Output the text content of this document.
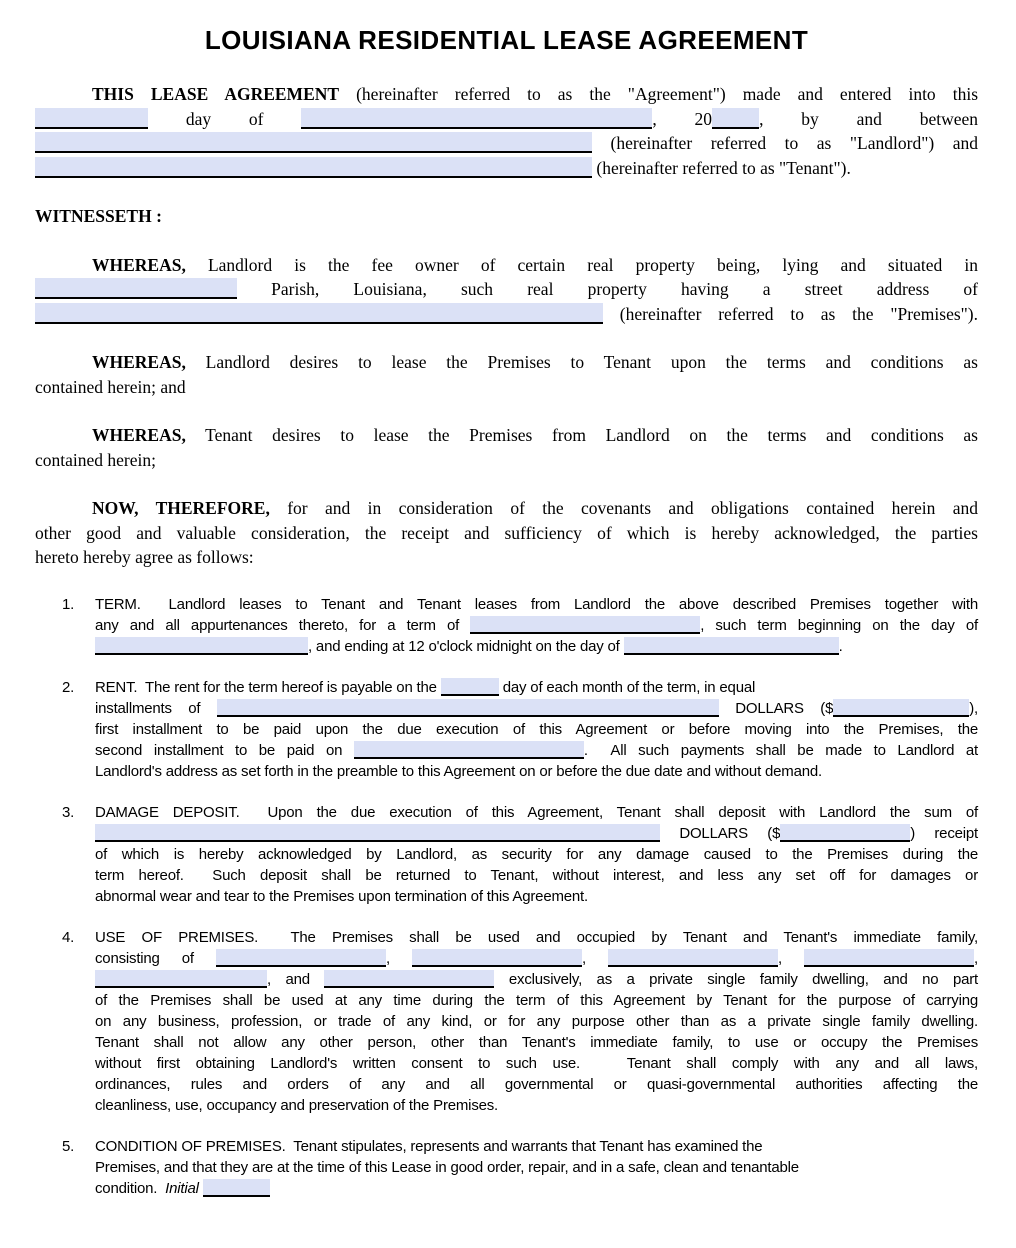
LOUISIANA RESIDENTIAL LEASE AGREEMENT
THIS LEASE AGREEMENT (hereinafter referred to as the "Agreement") made and entered into this
day of	, 20	, by and between
(hereinafter referred to as "Landlord") and
(hereinafter referred to as "Tenant").
WITNESSETH :
WHEREAS, Landlord is the fee owner of certain real property being, lying and situated in
Parish, Louisiana, such real property having a street address of
(hereinafter referred to as the "Premises").
WHEREAS, Landlord desires to lease the Premises to Tenant upon the terms and conditions as
contained herein; and
WHEREAS, Tenant desires to lease the Premises from Landlord on the terms and conditions as
contained herein;
NOW, THEREFORE, for and in consideration of the covenants and obligations contained herein and
other good and valuable consideration, the receipt and sufficiency of which is hereby acknowledged, the parties
hereto hereby agree as follows:
1.	TERM.  Landlord leases to Tenant and Tenant leases from Landlord the above described Premises together with
any and all appurtenances thereto, for a term of	, such term beginning on the day of
, and ending at 12 o'clock midnight on the day of	.
2.	RENT.  The rent for the term hereof is payable on the	day of each month of the term, in equal
installments of	DOLLARS ($	),
first installment to be paid upon the due execution of this Agreement or before moving into the Premises, the
second installment to be paid on	.  All such payments shall be made to Landlord at
Landlord's address as set forth in the preamble to this Agreement on or before the due date and without demand.
3.	DAMAGE DEPOSIT.  Upon the due execution of this Agreement, Tenant shall deposit with Landlord the sum of
DOLLARS ($	) receipt
of which is hereby acknowledged by Landlord, as security for any damage caused to the Premises during the
term hereof.  Such deposit shall be returned to Tenant, without interest, and less any set off for damages or
abnormal wear and tear to the Premises upon termination of this Agreement.
4.	USE OF PREMISES.  The Premises shall be used and occupied by Tenant and Tenant's immediate family,
consisting of	,	,	,	,
, and	exclusively, as a private single family dwelling, and no part
of the Premises shall be used at any time during the term of this Agreement by Tenant for the purpose of carrying
on any business, profession, or trade of any kind, or for any purpose other than as a private single family dwelling.
Tenant shall not allow any other person, other than Tenant's immediate family, to use or occupy the Premises
without first obtaining Landlord's written consent to such use.   Tenant shall comply with any and all laws,
ordinances, rules and orders of any and all governmental or quasi-governmental authorities affecting the
cleanliness, use, occupancy and preservation of the Premises.
5.	CONDITION OF PREMISES.  Tenant stipulates, represents and warrants that Tenant has examined the
Premises, and that they are at the time of this Lease in good order, repair, and in a safe, clean and tenantable
condition.  Initial
